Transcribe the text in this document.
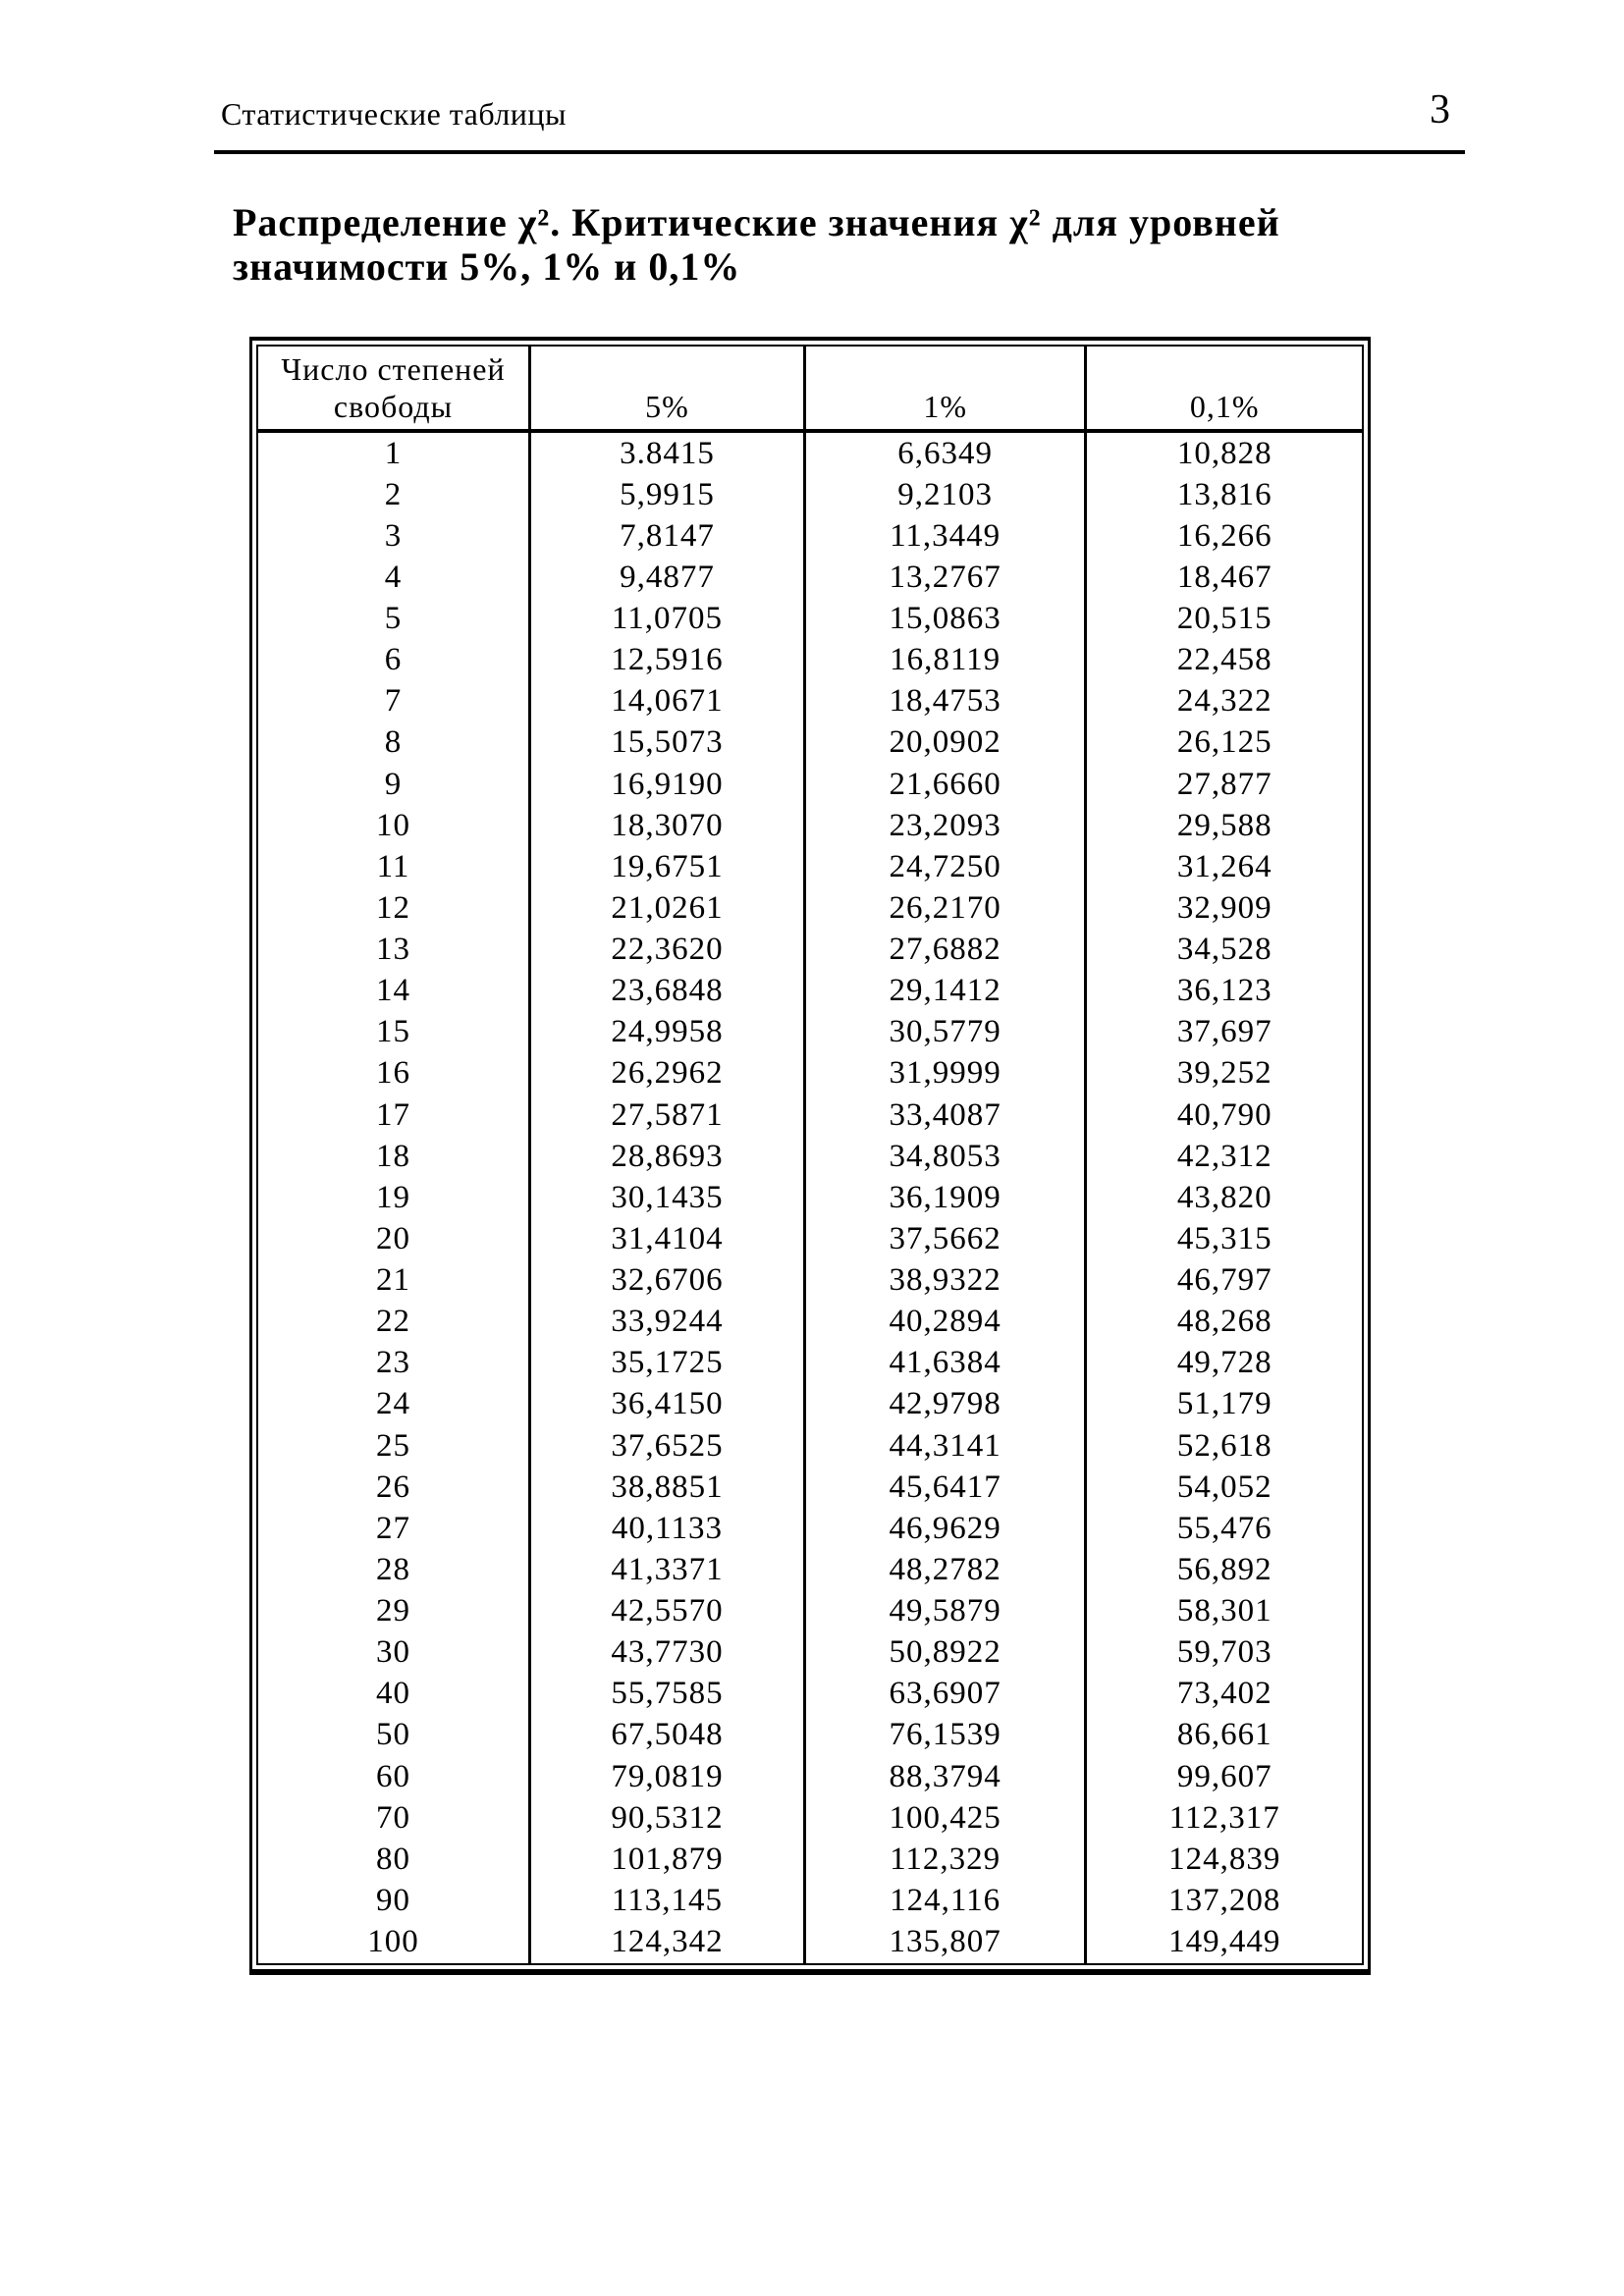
Статистические таблицы	3
Распределение χ². Критические значения χ² для уровней
значимости 5%, 1% и 0,1%
Число степеней
свободы	5%	1%	0,1%
1	3.8415	6,6349	10,828
2	5,9915	9,2103	13,816
3	7,8147	11,3449	16,266
4	9,4877	13,2767	18,467
5	11,0705	15,0863	20,515
6	12,5916	16,8119	22,458
7	14,0671	18,4753	24,322
8	15,5073	20,0902	26,125
9	16,9190	21,6660	27,877
10	18,3070	23,2093	29,588
11	19,6751	24,7250	31,264
12	21,0261	26,2170	32,909
13	22,3620	27,6882	34,528
14	23,6848	29,1412	36,123
15	24,9958	30,5779	37,697
16	26,2962	31,9999	39,252
17	27,5871	33,4087	40,790
18	28,8693	34,8053	42,312
19	30,1435	36,1909	43,820
20	31,4104	37,5662	45,315
21	32,6706	38,9322	46,797
22	33,9244	40,2894	48,268
23	35,1725	41,6384	49,728
24	36,4150	42,9798	51,179
25	37,6525	44,3141	52,618
26	38,8851	45,6417	54,052
27	40,1133	46,9629	55,476
28	41,3371	48,2782	56,892
29	42,5570	49,5879	58,301
30	43,7730	50,8922	59,703
40	55,7585	63,6907	73,402
50	67,5048	76,1539	86,661
60	79,0819	88,3794	99,607
70	90,5312	100,425	112,317
80	101,879	112,329	124,839
90	113,145	124,116	137,208
100	124,342	135,807	149,449
